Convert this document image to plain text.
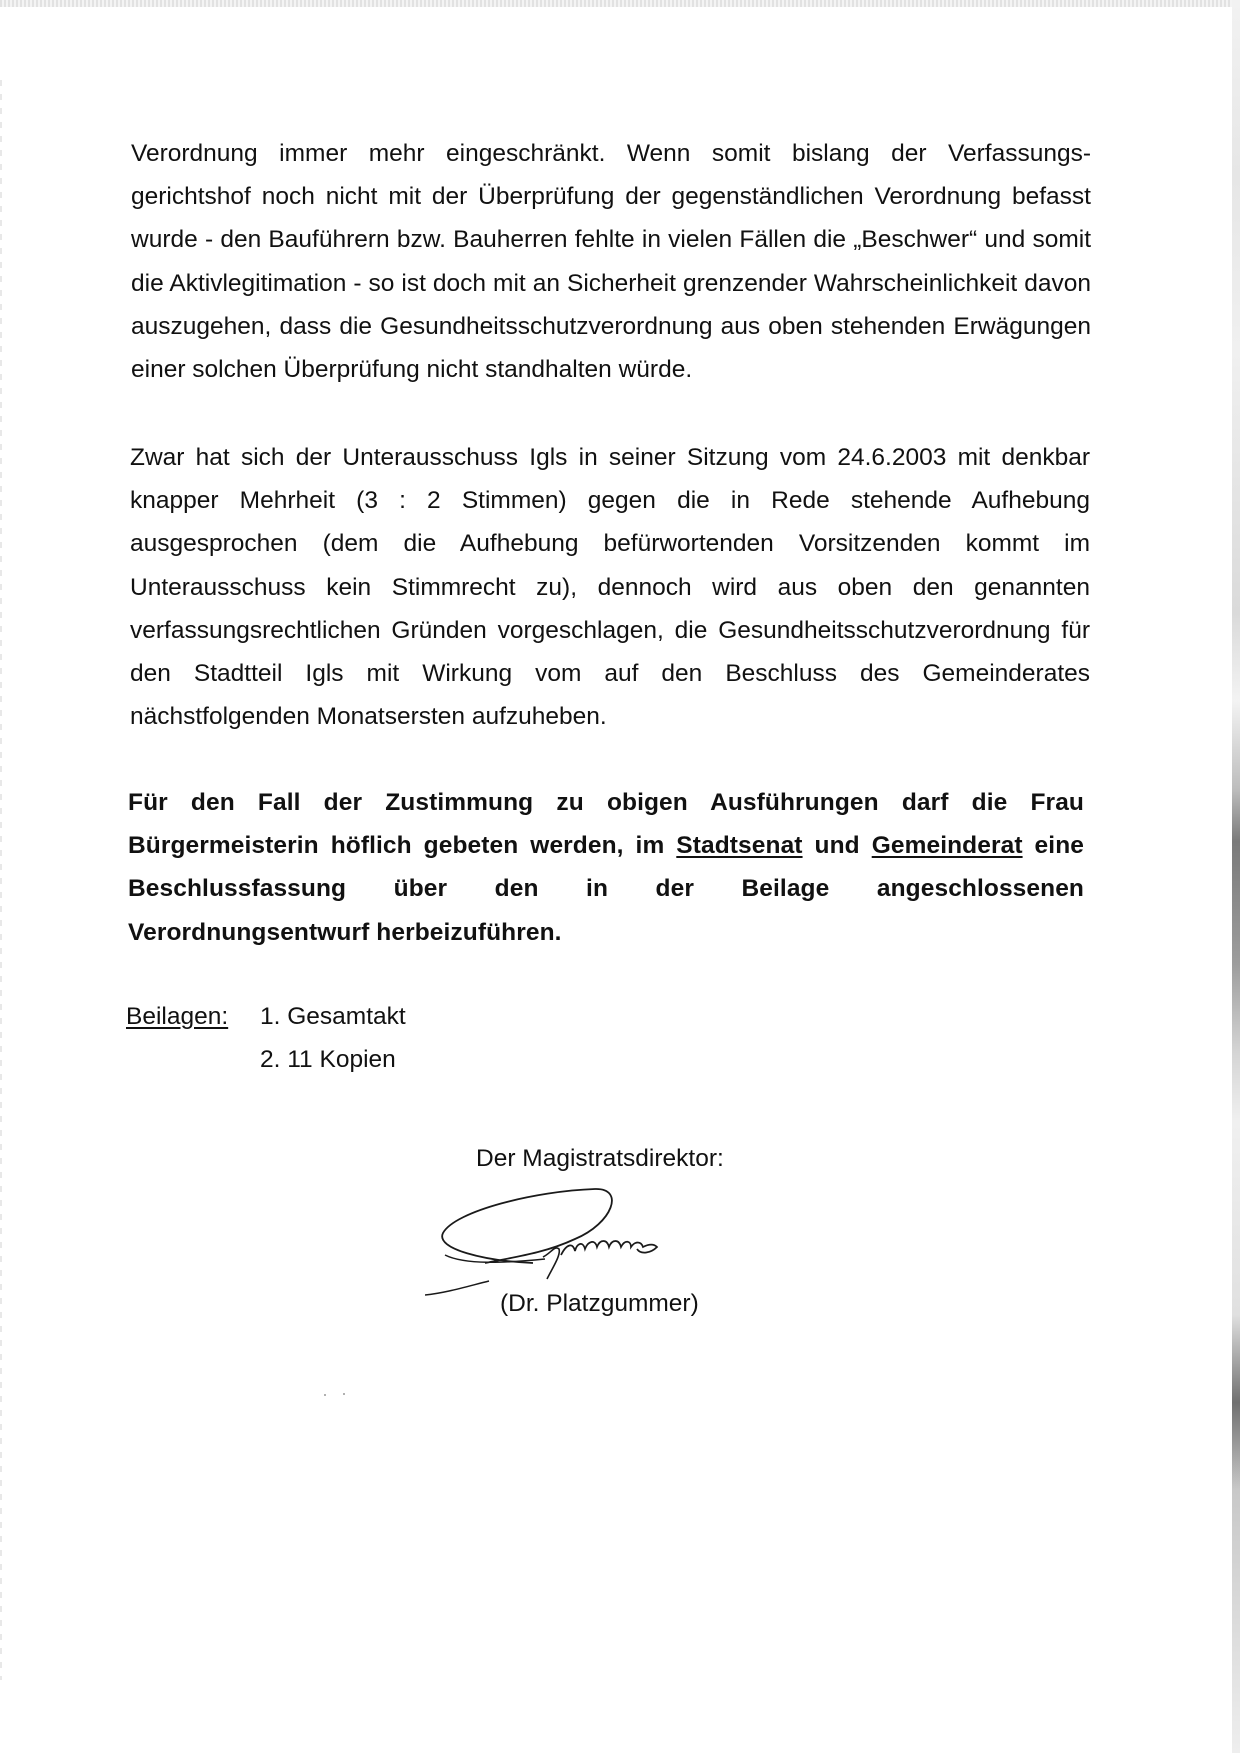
Verordnung immer mehr eingeschränkt. Wenn somit bislang der Verfassungs-gerichtshof noch nicht mit der Überprüfung der gegenständlichen Verordnung befasst wurde - den Bauführern bzw. Bauherren fehlte in vielen Fällen die „Beschwer“ und somit die Aktivlegitimation - so ist doch mit an Sicherheit grenzender Wahrscheinlichkeit davon auszugehen, dass die Gesundheitsschutzverordnung aus oben stehenden Erwägungen einer solchen Überprüfung nicht standhalten würde.

Zwar hat sich der Unterausschuss Igls in seiner Sitzung vom 24.6.2003 mit denkbar knapper Mehrheit (3 : 2 Stimmen) gegen die in Rede stehende Aufhebung ausgesprochen (dem die Aufhebung befürwortenden Vorsitzenden kommt im Unterausschuss kein Stimmrecht zu), dennoch wird aus oben den genannten verfassungsrechtlichen Gründen vorgeschlagen, die Gesundheitsschutzverordnung für den Stadtteil Igls mit Wirkung vom auf den Beschluss des Gemeinderates nächstfolgenden Monatsersten aufzuheben.

Für den Fall der Zustimmung zu obigen Ausführungen darf die Frau Bürgermeisterin höflich gebeten werden, im Stadtsenat und Gemeinderat eine Beschlussfassung über den in der Beilage angeschlossenen Verordnungsentwurf herbeizuführen.

Beilagen: 1. Gesamtakt
2. 11 Kopien
Der Magistratsdirektor:
(Dr. Platzgummer)
